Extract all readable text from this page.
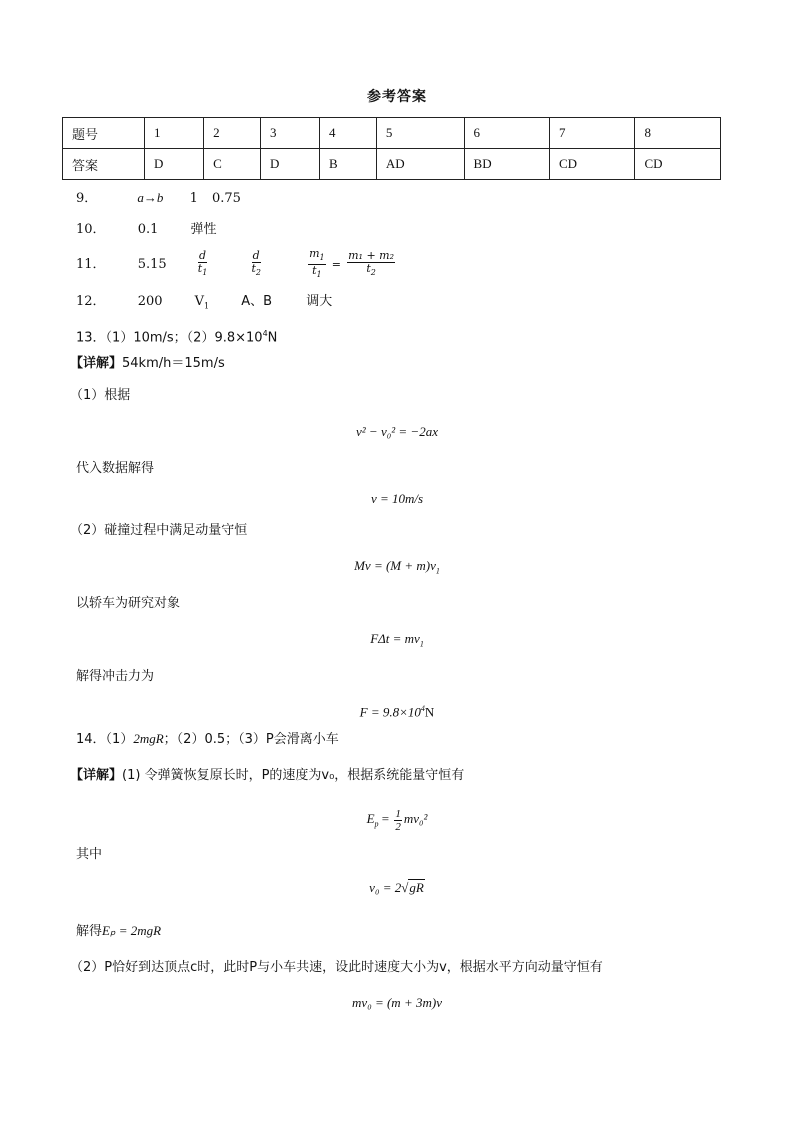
参考答案
题号	1	2	3	4	5	6	7	8
答案	D	C	D	B	AD	BD	CD	CD
9．	a→b 1 0.75
10． 0.1 弹性
11． 5.15	$\frac{d}{t_1}$
	$\frac{d}{t_2}$
	$\frac{m_1}{t_1} = \frac{\text{m₁ + m₂}}{t_2}$
12． 200 $V_1$ A、B	调大
13．（1）10m/s；$(2)9.8\times 10^4N$
【详解】54km/h＝15m/s
（1）根据
v² − v₀² = −2ax
代入数据解得
v = 10m/s
（2）碰撞过程中满足动量守恒
$Mv = (M + m)v_1$
以轿车为研究对象
$F\Delta t = mv_1$
解得冲击力为
$F = 9.8\times 10^4N$
14．（1）2mgR；（2）0.5；（3）P会滑离小车
【详解】(1) 令弹簧恢复原长时，P的速度为v₀，根据系统能量守恒有
$E_p = \frac{1}{2} mv_0^2$
其中
v₀ = 2√gR
解得Eₚ = 2mgR
（2）P恰好到达顶点c时，此时P与小车共速，设此时速度大小为v，根据水平方向动量守恒有
mv₀ = (m + 3m)v
